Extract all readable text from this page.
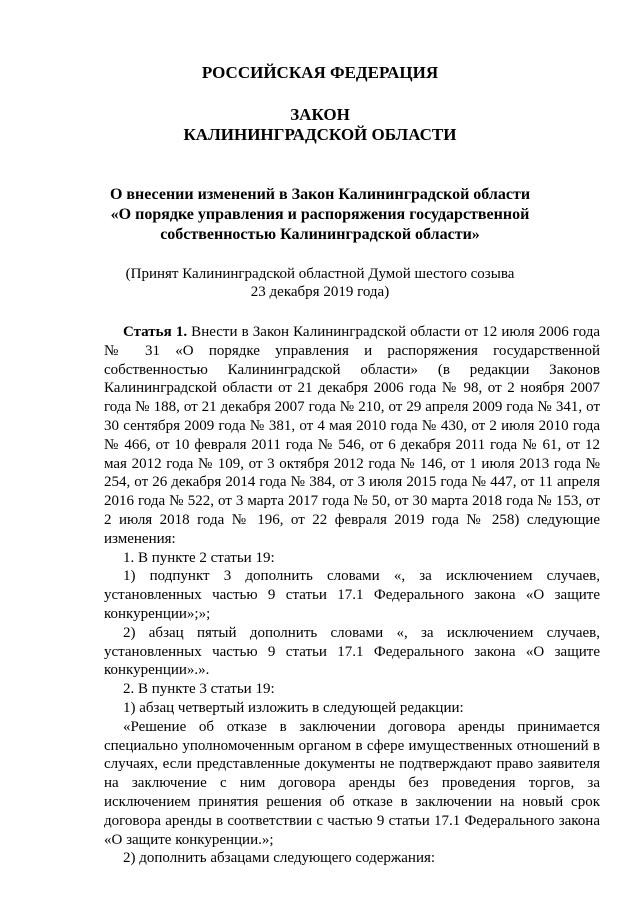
РОССИЙСКАЯ ФЕДЕРАЦИЯ
ЗАКОН
КАЛИНИНГРАДСКОЙ ОБЛАСТИ
О внесении изменений в Закон Калининградской области
«О порядке управления и распоряжения государственной
собственностью Калининградской области»
(Принят Калининградской областной Думой шестого созыва
23 декабря 2019 года)

Статья 1. Внести в Закон Калининградской области от 12 июля 2006 года № 31 «О порядке управления и распоряжения государственной собственностью Калининградской области» (в редакции Законов Калининградской области от 21 декабря 2006 года № 98, от 2 ноября 2007 года № 188, от 21 декабря 2007 года № 210, от 29 апреля 2009 года № 341, от 30 сентября 2009 года № 381, от 4 мая 2010 года № 430, от 2 июля 2010 года № 466, от 10 февраля 2011 года № 546, от 6 декабря 2011 года № 61, от 12 мая 2012 года № 109, от 3 октября 2012 года № 146, от 1 июля 2013 года № 254, от 26 декабря 2014 года № 384, от 3 июля 2015 года № 447, от 11 апреля 2016 года № 522, от 3 марта 2017 года № 50, от 30 марта 2018 года № 153, от 2 июля 2018 года № 196, от 22 февраля 2019 года № 258) следующие изменения:

1. В пункте 2 статьи 19:

1) подпункт 3 дополнить словами «, за исключением случаев, установленных частью 9 статьи 17.1 Федерального закона «О защите конкуренции»;»;

2) абзац пятый дополнить словами «, за исключением случаев, установленных частью 9 статьи 17.1 Федерального закона «О защите конкуренции».».

2. В пункте 3 статьи 19:

1) абзац четвертый изложить в следующей редакции:

«Решение об отказе в заключении договора аренды принимается специально уполномоченным органом в сфере имущественных отношений в случаях, если представленные документы не подтверждают право заявителя на заключение с ним договора аренды без проведения торгов, за исключением принятия решения об отказе в заключении на новый срок договора аренды в соответствии с частью 9 статьи 17.1 Федерального закона «О защите конкуренции.»;

2) дополнить абзацами следующего содержания:
